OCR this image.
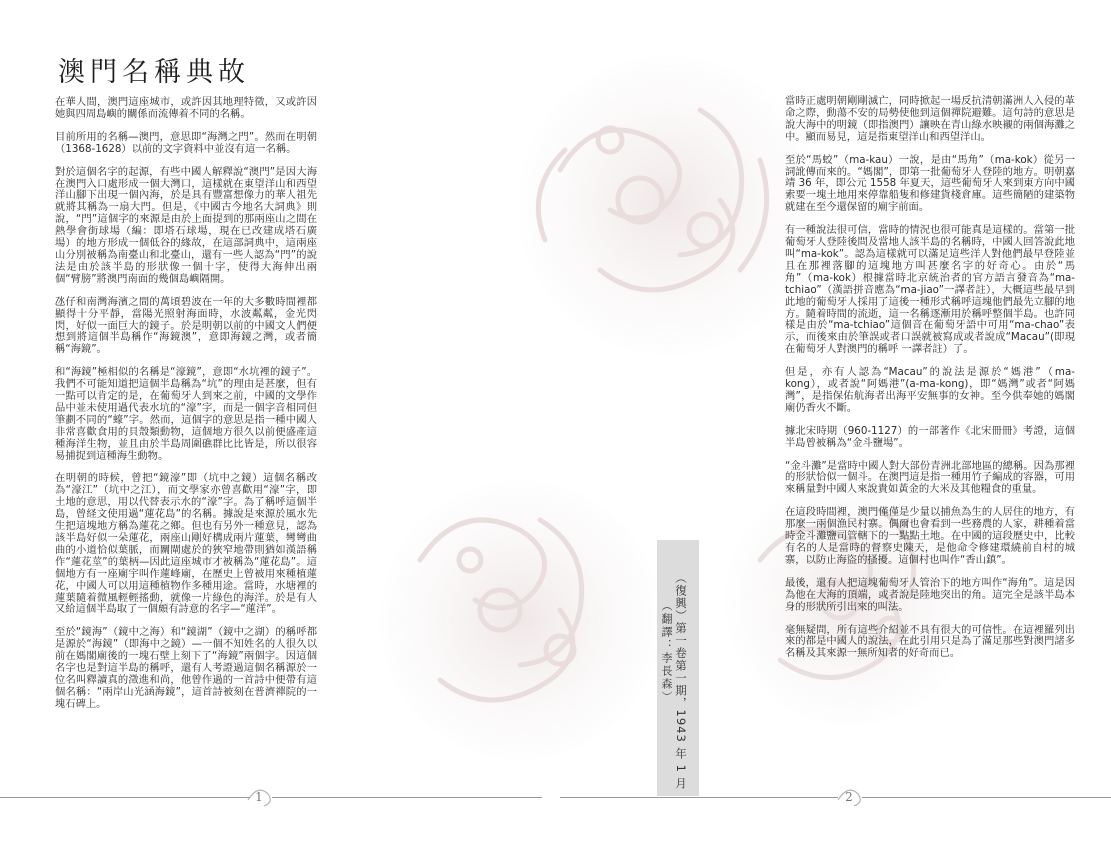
澳門名稱典故

在華人間，澳門這座城市，或許因其地理特徵，又或許因她與四周島嶼的關係而流傳着不同的名稱。

目前所用的名稱—澳門，意思即“海灣之門”。然而在明朝（1368-1628）以前的文字資料中並沒有這一名稱。

對於這個名字的起源，有些中國人解釋說“澳門”是因大海在澳門入口處形成一個大灣口，這樣就在東望洋山和西望洋山腳下出現一個內海，於是具有豐富想像力的華人祖先就將其稱為一扇大門。但是，《中國古今地名大詞典》則說，“門”這個字的來源是由於上面提到的那兩座山之間在熱學會街球場（編：即塔石球場，現在已改建成塔石廣場）的地方形成一個低谷的緣故，在這部詞典中，這兩座山分別被稱為南臺山和北臺山，還有一些人認為“門”的說法是由於該半島的形狀像一個十字，使得大海伸出兩個“臂膀”將澳門南面的幾個島嶼隔開。

氹仔和南灣海濱之間的萬頃碧波在一年的大多數時間裡都顯得十分平靜，當陽光照射海面時，水波粼粼，金光閃閃，好似一面巨大的鏡子。於是明朝以前的中國文人們便想到將這個半島稱作“海鏡澳”，意即海鏡之灣，或者簡稱“海鏡”。

和“海鏡”極相似的名稱是“濠鏡”，意即“水坑裡的鏡子”。我們不可能知道把這個半島稱為“坑”的理由是甚麼，但有一點可以肯定的是，在葡萄牙人到來之前，中國的文學作品中並未使用過代表水坑的“濠”字，而是一個字音相同但筆劃不同的“蠔”字。然而，這個字的意思是指一種中國人非常喜歡食用的貝殼類動物，這個地方很久以前便盛產這種海洋生物，並且由於半島周圍礁群比比皆是，所以很容易捕捉到這種海生動物。

在明朝的時候，曾把“鏡濠”即（坑中之鏡）這個名稱改為“濠江”（坑中之江），而文學家亦曾喜歡用“濠”字，即土地的意思，用以代替表示水的“濠”字。為了稱呼這個半島，曾経文使用過“蓮花島”的名稱。據說是來源於風水先生把這塊地方稱為蓮花之鄉。但也有另外一種意見，認為該半島好似一朵蓮花，兩座山剛好構成兩片蓮葉，彎彎曲曲的小道恰似葉脈，而關閘處於的狹窄地帶則猶如漢語稱作“蓮花莖”的葉柄—因此這座城市才被稱為“蓮花島”。這個地方有一座廟宇叫作蓮峰廟，在歷史上曾被用來種植蓮花，中國人可以用這種植物作多種用途。當時，水塘裡的蓮葉隨着微風輕輕搖動，就像一片綠色的海洋。於是有人又給這個半島取了一個頗有詩意的名字—“蓮洋”。

至於“鏡海”（鏡中之海）和“鏡湖”（鏡中之湖）的稱呼都是源於“海鏡”（即海中之鏡）—一個不知姓名的人很久以前在媽閣廟後的一塊石壁上刻下了“海鏡”兩個字。因這個名字也是對這半島的稱呼，還有人考證過這個名稱源於一位名叫釋讀真的澂進和尚，他曾作過的一首詩中便帶有這個名稱：“兩岸山光涵海鏡”，這首詩被刻在普濟禪院的一塊石碑上。

當時正處明朝剛剛滅亡，同時掀起一場反抗清朝滿洲人入侵的革命之際，動蕩不安的局勢使他到這個禪院避難。這句詩的意思是說大海中的明鏡（即指澳門）讓映在青山綠水映襯的兩個海灘之中。顯而易見，這是指東望洋山和西望洋山。

至於“馬蛟”（ma-kau）一說，是由“馬角”（ma-kok）從另一詞訛傳而來的。“媽閣”，即第一批葡萄牙人登陸的地方。明朝嘉靖 36 年，即公元 1558 年夏天，這些葡萄牙人來到東方向中國索要一塊土地用來停靠船隻和修建貨棧倉庫。這些簡陋的建築物就建在至今還保留的廟宇前面。

有一種說法很可信，當時的情況也很可能真是這樣的。當第一批葡萄牙人登陸後問及當地人該半島的名稱時，中國人回答說此地叫“ma-kok”。認為這樣就可以滿足這些洋人對他們最早登陸並且在那裡落腳的這塊地方叫甚麼名字的好奇心。由於“馬角”（ma-kok）根據當時北京統治者的官方語言發音為“ma-tchiao”（漢語拼音應為“ma-jiao”一譯者註），大概這些最早到此地的葡萄牙人採用了這後一種形式稱呼這塊他們最先立腳的地方。隨着時間的流逝，這一名稱逐漸用於稱呼整個半島。也許同樣是由於“ma-tchiao”這個音在葡萄牙語中可用“ma-chao”表示，而後來由於筆誤或者口誤就被寫成或者說成“Macau”(即現在葡萄牙人對澳門的稱呼 一譯者註）了。

但是，亦有人認為“Macau”的說法是源於“媽港”（ma-kong），或者說“阿媽港”(a-ma-kong)，即“媽灣”或者“阿媽灣”，是指保佑航海者出海平安無事的女神。至今供奉她的媽閣廟仍香火不斷。

據北宋時期（960-1127）的一部著作《北宋冊冊》考證，這個半島曾被稱為“金斗鹽場”。

“金斗灘”是當時中國人對大部份青洲北部地區的總稱。因為那裡的形狀恰似一個斗。在澳門這是指一種用竹子編成的容器，可用來稱量對中國人來說貴如黃金的大米及其他糧食的重量。

在這段時間裡，澳門僅僅是少量以捕魚為生的人居住的地方，有那麼一兩個漁民村寨。偶爾也會看到一些務農的人家，耕種着當時金斗灘鹽司管轄下的一點點土地。在中國的這段歷史中，比較有名的人是當時的督察史陳天，是他命令修建環繞前自村的城寨，以防止海盜的搔擾。這個村也叫作“香山鎮”。

最後，還有人把這塊葡萄牙人管治下的地方叫作“海角”。這是因為他在大海的頂端，或者說是陸地突出的角。這完全是該半島本身的形狀所引出來的叫法。

毫無疑問，所有這些介紹並不具有很大的可信性。在這裡羅列出來的都是中國人的說法，在此引用只是為了滿足那些對澳門諸多名稱及其來源一無所知者的好奇而已。

（復興）第一卷第一期，1943 年 1 月
（翻譯：李長森）
1	2
